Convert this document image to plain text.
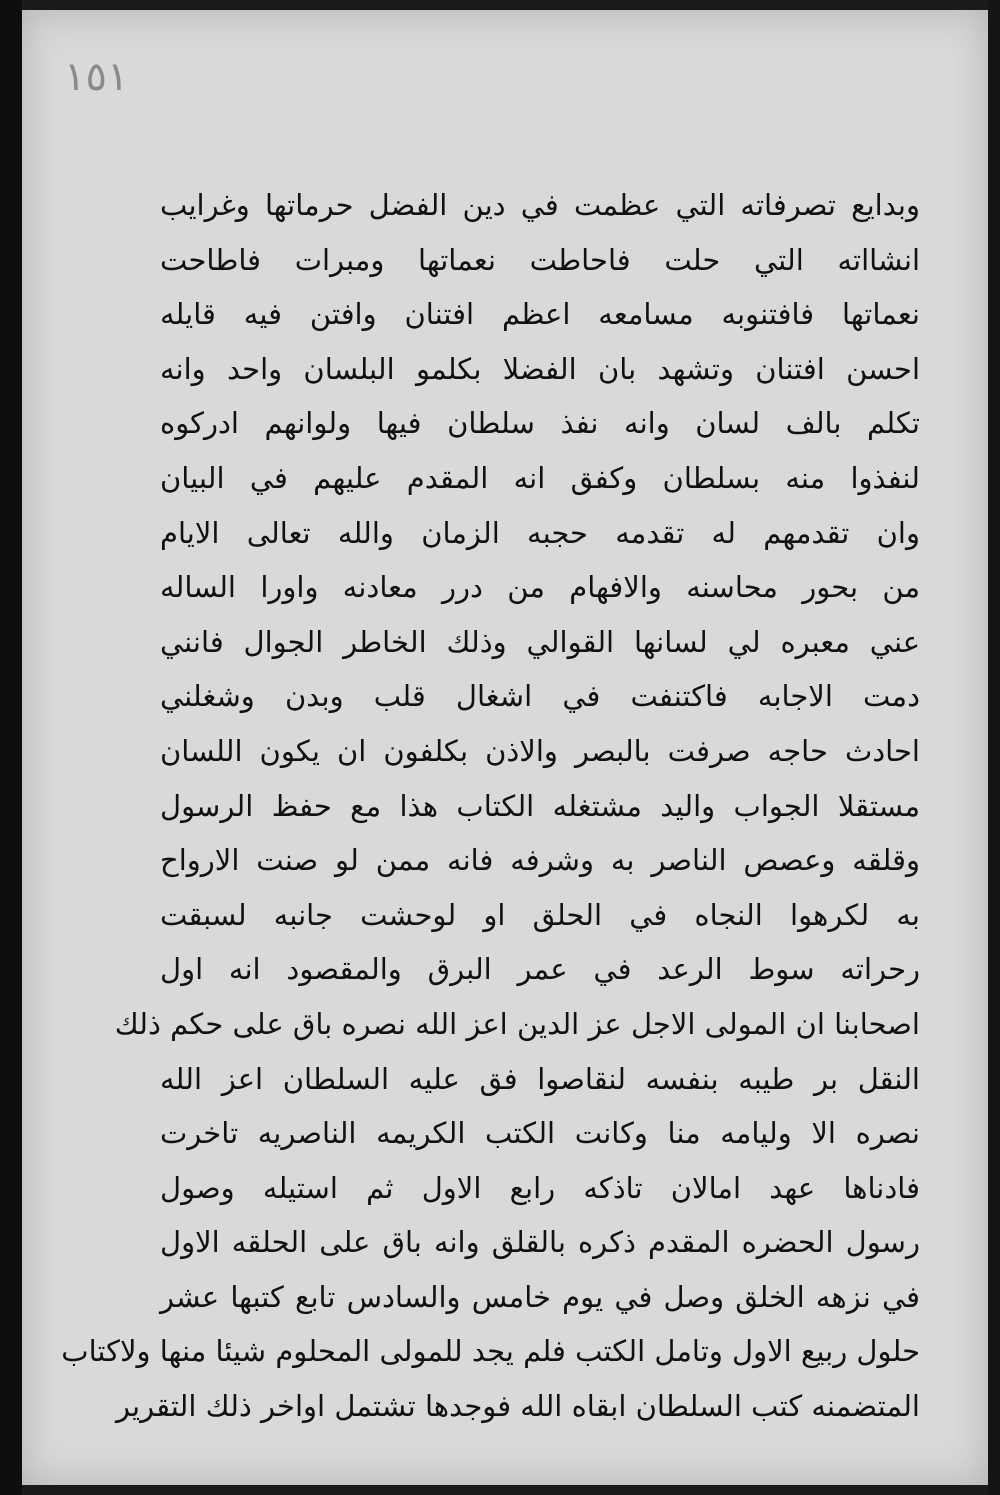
١٥١
وبدايع تصرفاته التي عظمت في دين الفضل حرماتها وغرايب
انشااته التي حلت فاحاطت نعماتها ومبرات فاطاحت
نعماتها فافتنوبه مسامعه اعظم افتنان وافتن فيه قايله
احسن افتنان وتشهد بان الفضلا بكلمو البلسان واحد وانه
تكلم بالف لسان وانه نفذ سلطان فيها ولوانهم ادركوه
لنفذوا منه بسلطان وكفق انه المقدم عليهم في البيان
وان تقدمهم له تقدمه حجبه الزمان والله تعالى الايام
من بحور محاسنه والافهام من درر معادنه واورا الساله
عني معبره لي لسانها القوالي وذلك الخاطر الجوال فانني
دمت الاجابه فاكتنفت في اشغال قلب وبدن وشغلني
احادث حاجه صرفت بالبصر والاذن بكلفون ان يكون اللسان
مستقلا الجواب واليد مشتغله الكتاب هذا مع حفظ الرسول
وقلقه وعصص الناصر به وشرفه فانه ممن لو صنت الارواح
به لكرهوا النجاه في الحلق او لوحشت جانبه لسبقت
رحراته سوط الرعد في عمر البرق والمقصود انه اول
اصحابنا ان المولى الاجل عز الدين اعز الله نصره باق على حكم ذلك
النقل بر طيبه بنفسه لنقاصوا فق عليه السلطان اعز الله
نصره الا وليامه منا وكانت الكتب الكريمه الناصريه تاخرت
فادناها عهد امالان تاذكه رابع الاول ثم استيله وصول
رسول الحضره المقدم ذكره بالقلق وانه باق على الحلقه الاول
في نزهه الخلق وصل في يوم خامس والسادس تابع كتبها عشر
حلول ربيع الاول وتامل الكتب فلم يجد للمولى المحلوم شيئا منها ولاكتاب
المتضمنه كتب السلطان ابقاه الله فوجدها تشتمل اواخر ذلك التقرير
